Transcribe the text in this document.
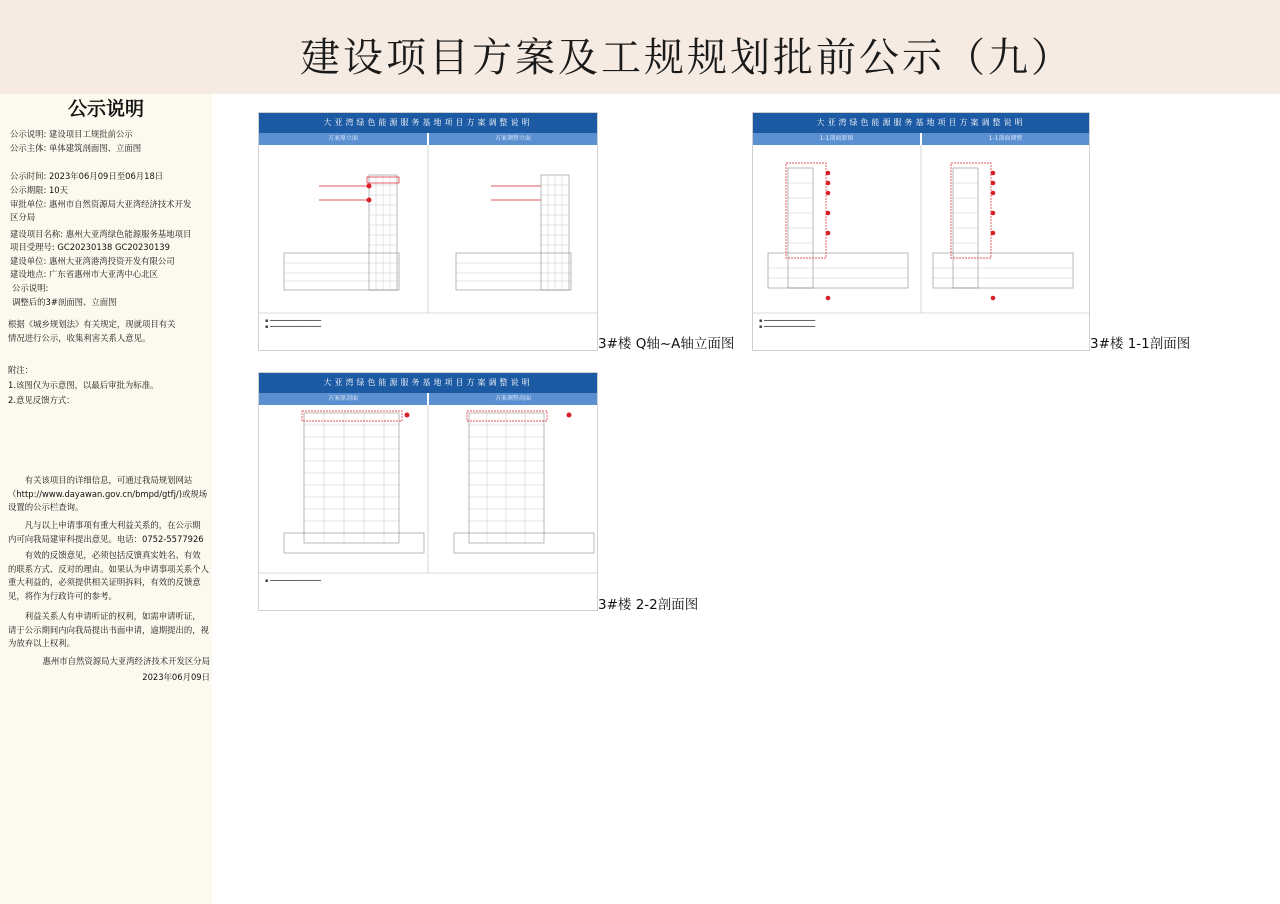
建设项目方案及工规规划批前公示（九）
公示说明
公示说明: 建设项目工规批前公示
公示主体: 单体建筑剖面图、立面图
公示时间: 2023年06月09日至06月18日
公示期限: 10天
审批单位: 惠州市自然资源局大亚湾经济技术开发
区分局
建设项目名称: 惠州大亚湾绿色能源服务基地项目
项目受理号: GC20230138 GC20230139
建设单位: 惠州大亚湾港湾投资开发有限公司
建设地点: 广东省惠州市大亚湾中心北区
公示说明:
调整后的3#剖面图、立面图
根据《城乡规划法》有关规定，现就项目有关
情况进行公示，收集利害关系人意见。
附注：
1.该图仅为示意图，以最后审批为标准。
2.意见反馈方式：
有关该项目的详细信息，可通过我局规划网站（http://www.dayawan.gov.cn/bmpd/gtfj/)或规场设置的公示栏查询。
凡与以上申请事项有重大利益关系的，在公示期内可向我局建审科提出意见。电话：0752-5577926
有效的反馈意见，必须包括反馈真实姓名、有效的联系方式、反对的理由。如果认为申请事项关系个人重大利益的，必须提供相关证明拆料，有效的反馈意见，将作为行政许可的参考。
利益关系人有申请听证的权利，如需申请听证，请于公示期间内向我局提出书面申请，逾期提出的，视为放弃以上权利。
惠州市自然资源局大亚湾经济技术开发区分局
2023年06月09日
大亚湾绿色能源服务基地项目方案调整说明
方案原立面	方案调整立面
▪ ━━━━━━━━━━━━━━━━━
▪ ━━━━━━━━━━━━━━━━━
3#楼 Q轴~A轴立面图
大亚湾绿色能源服务基地项目方案调整说明
1-1剖面原图	1-1剖面调整
▪ ━━━━━━━━━━━━━━━━━
▪ ━━━━━━━━━━━━━━━━━
3#楼 1-1剖面图
大亚湾绿色能源服务基地项目方案调整说明
方案原剖面	方案调整剖面
▪ ━━━━━━━━━━━━━━━━━
3#楼 2-2剖面图
